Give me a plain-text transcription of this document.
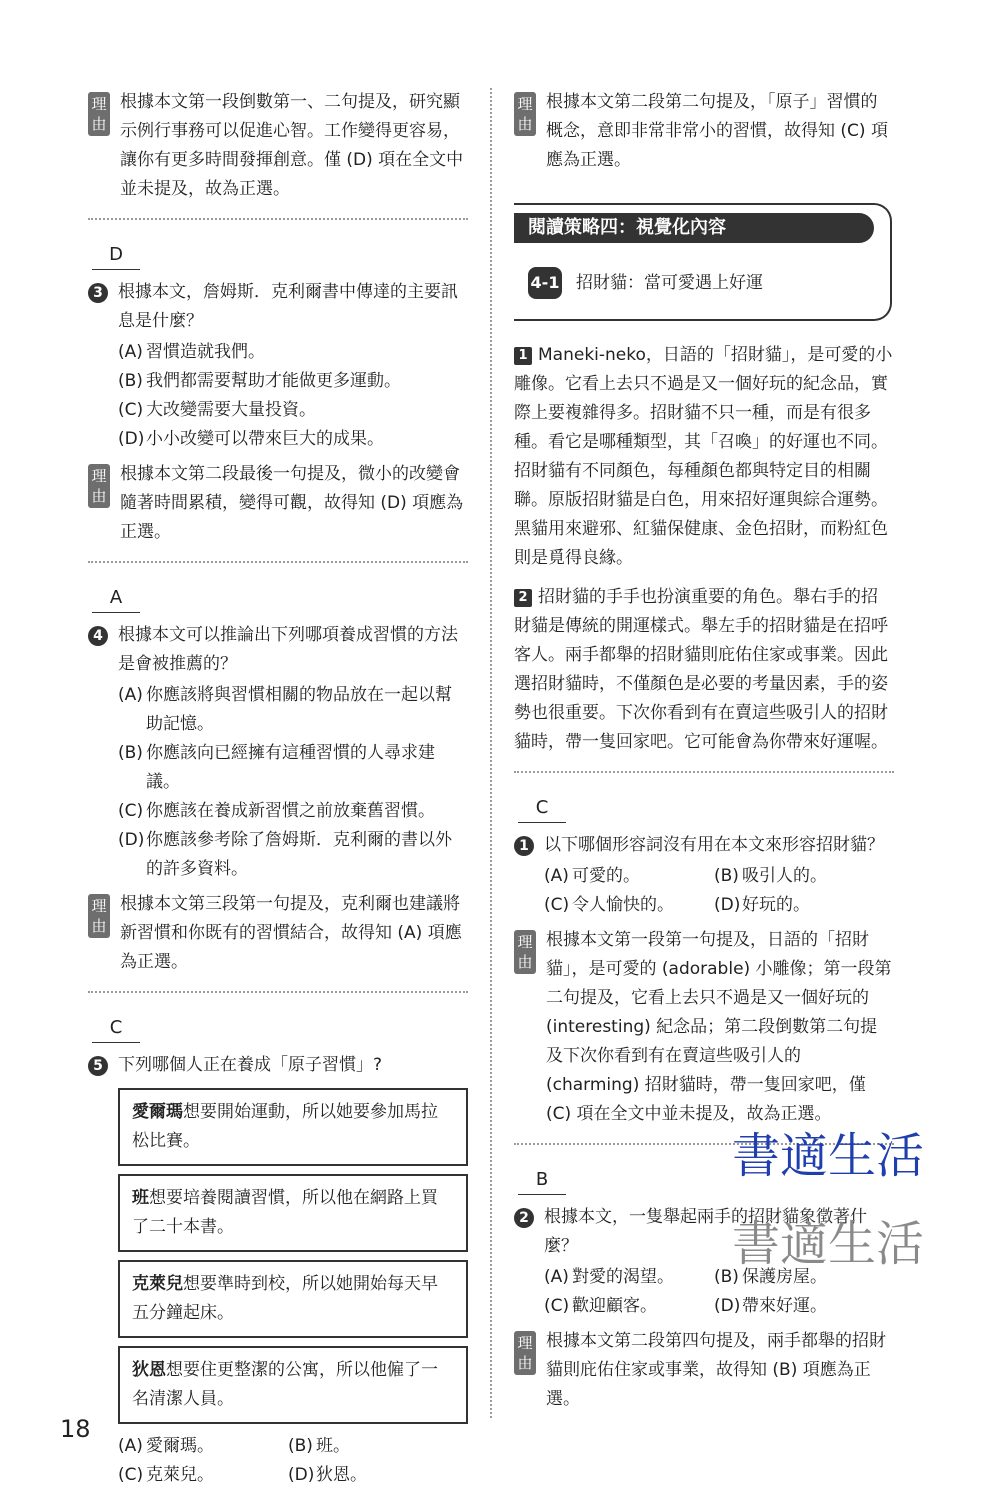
理
由
根據本文第一段倒數第一、二句提及，研究顯示例行事務可以促進心智。工作變得更容易，讓你有更多時間發揮創意。僅 (D) 項在全文中並未提及，故為正選。
D
3 根據本文，詹姆斯．克利爾書中傳達的主要訊息是什麼？
(A) 習慣造就我們。
(B) 我們都需要幫助才能做更多運動。
(C) 大改變需要大量投資。
(D) 小小改變可以帶來巨大的成果。
理
由
根據本文第二段最後一句提及，微小的改變會隨著時間累積，變得可觀，故得知 (D) 項應為正選。
A
4 根據本文可以推論出下列哪項養成習慣的方法是會被推薦的？
(A) 你應該將與習慣相關的物品放在一起以幫助記憶。
(B) 你應該向已經擁有這種習慣的人尋求建議。
(C) 你應該在養成新習慣之前放棄舊習慣。
(D) 你應該參考除了詹姆斯．克利爾的書以外的許多資料。
理
由
根據本文第三段第一句提及，克利爾也建議將新習慣和你既有的習慣結合，故得知 (A) 項應為正選。
C
5 下列哪個人正在養成「原子習慣」?
愛爾瑪想要開始運動，所以她要參加馬拉松比賽。
班想要培養閱讀習慣，所以他在網路上買了二十本書。
克萊兒想要準時到校，所以她開始每天早五分鐘起床。
狄恩想要住更整潔的公寓，所以他僱了一名清潔人員。
(A) 愛爾瑪。	(B) 班。
(C) 克萊兒。	(D) 狄恩。
理
由
根據本文第二段第二句提及，「原子」習慣的概念，意即非常非常小的習慣，故得知 (C) 項應為正選。
閱讀策略四：視覺化內容
4-1 招財貓：當可愛遇上好運
1 Maneki-neko，日語的「招財貓」，是可愛的小雕像。它看上去只不過是又一個好玩的紀念品，實際上要複雜得多。招財貓不只一種，而是有很多種。看它是哪種類型，其「召喚」的好運也不同。招財貓有不同顏色，每種顏色都與特定目的相關聯。原版招財貓是白色，用來招好運與綜合運勢。黑貓用來避邪、紅貓保健康、金色招財，而粉紅色則是覓得良緣。
2 招財貓的手手也扮演重要的角色。舉右手的招財貓是傳統的開運樣式。舉左手的招財貓是在招呼客人。兩手都舉的招財貓則庇佑住家或事業。因此選招財貓時，不僅顏色是必要的考量因素，手的姿勢也很重要。下次你看到有在賣這些吸引人的招財貓時，帶一隻回家吧。它可能會為你帶來好運喔。
C
1 以下哪個形容詞沒有用在本文來形容招財貓？
(A) 可愛的。	(B) 吸引人的。
(C) 令人愉快的。	(D) 好玩的。
理
由
根據本文第一段第一句提及，日語的「招財貓」，是可愛的 (adorable) 小雕像；第一段第二句提及，它看上去只不過是又一個好玩的 (interesting) 紀念品；第二段倒數第二句提及下次你看到有在賣這些吸引人的 (charming) 招財貓時，帶一隻回家吧，僅 (C) 項在全文中並未提及，故為正選。
B
2 根據本文，一隻舉起兩手的招財貓象徵著什麼？
(A) 對愛的渴望。	(B) 保護房屋。
(C) 歡迎顧客。	(D) 帶來好運。
理
由
根據本文第二段第四句提及，兩手都舉的招財貓則庇佑住家或事業，故得知 (B) 項應為正選。
書適生活
書適生活
18
